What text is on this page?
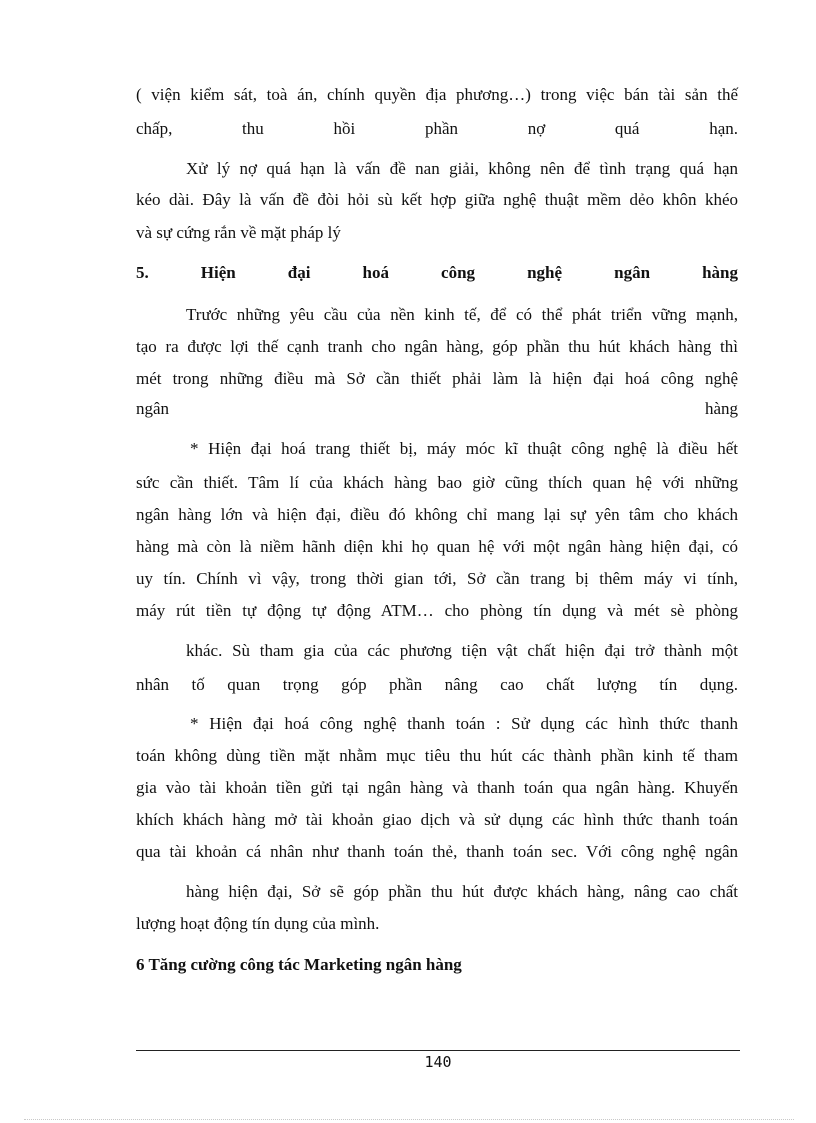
( viện kiểm sát, toà án, chính quyền địa phương…) trong việc bán tài sản thế
chấp, thu hồi phần nợ quá hạn.
Xử lý nợ quá hạn là vấn đề nan giải, không nên để tình trạng quá hạn
kéo dài. Đây là vấn đề đòi hỏi sù kết hợp giữa nghệ thuật mềm dẻo khôn khéo
và sự cứng rắn về mặt pháp lý
5. Hiện đại hoá công nghệ ngân hàng
Trước những yêu cầu của nền kinh tế, để có thể phát triển vững mạnh,
tạo ra được lợi thế cạnh tranh cho ngân hàng, góp phần thu hút khách hàng thì
mét trong những điều mà Sở cần thiết phải làm là hiện đại hoá công nghệ
ngân hàng
* Hiện đại hoá trang thiết bị, máy móc kĩ thuật công nghệ là điều hết
sức cần thiết. Tâm lí của khách hàng bao giờ cũng thích quan hệ với những
ngân hàng lớn và hiện đại, điều đó không chỉ mang lại sự yên tâm cho khách
hàng mà còn là niềm hãnh diện khi họ quan hệ với một ngân hàng hiện đại, có
uy tín. Chính vì vậy, trong thời gian tới, Sở cần trang bị thêm máy vi tính,
máy rút tiền tự động tự động ATM… cho phòng tín dụng và mét sè phòng
khác. Sù tham gia của các phương tiện vật chất hiện đại trở thành một
nhân tố quan trọng góp phần nâng cao chất lượng tín dụng.
* Hiện đại hoá công nghệ thanh toán : Sử dụng các hình thức thanh
toán không dùng tiền mặt nhằm mục tiêu thu hút các thành phần kinh tế tham
gia vào tài khoản tiền gửi tại ngân hàng và thanh toán qua ngân hàng. Khuyến
khích khách hàng mở tài khoản giao dịch và sử dụng các hình thức thanh toán
qua tài khoản cá nhân như thanh toán thẻ, thanh toán sec. Với công nghệ ngân
hàng hiện đại, Sở sẽ góp phần thu hút được khách hàng, nâng cao chất
lượng hoạt động tín dụng của mình.
6 Tăng cường công tác Marketing ngân hàng
140
